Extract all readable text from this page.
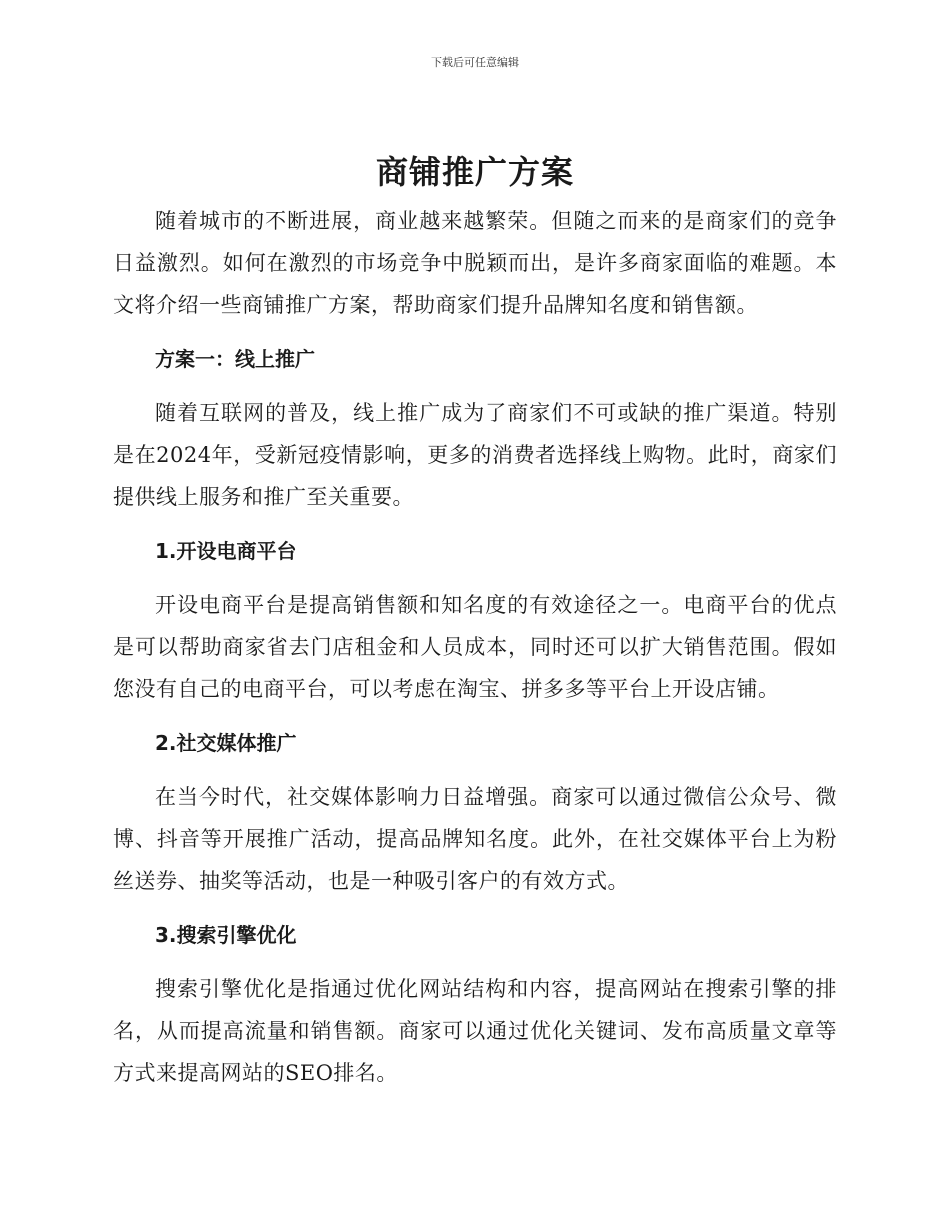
下载后可任意编辑
商铺推广方案

随着城市的不断进展，商业越来越繁荣。但随之而来的是商家们的竞争日益激烈。如何在激烈的市场竞争中脱颖而出，是许多商家面临的难题。本文将介绍一些商铺推广方案，帮助商家们提升品牌知名度和销售额。

方案一：线上推广

随着互联网的普及，线上推广成为了商家们不可或缺的推广渠道。特别是在2024年，受新冠疫情影响，更多的消费者选择线上购物。此时，商家们提供线上服务和推广至关重要。

1.开设电商平台

开设电商平台是提高销售额和知名度的有效途径之一。电商平台的优点是可以帮助商家省去门店租金和人员成本，同时还可以扩大销售范围。假如您没有自己的电商平台，可以考虑在淘宝、拼多多等平台上开设店铺。

2.社交媒体推广

在当今时代，社交媒体影响力日益增强。商家可以通过微信公众号、微博、抖音等开展推广活动，提高品牌知名度。此外，在社交媒体平台上为粉丝送券、抽奖等活动，也是一种吸引客户的有效方式。

3.搜索引擎优化

搜索引擎优化是指通过优化网站结构和内容，提高网站在搜索引擎的排名，从而提高流量和销售额。商家可以通过优化关键词、发布高质量文章等方式来提高网站的SEO排名。
